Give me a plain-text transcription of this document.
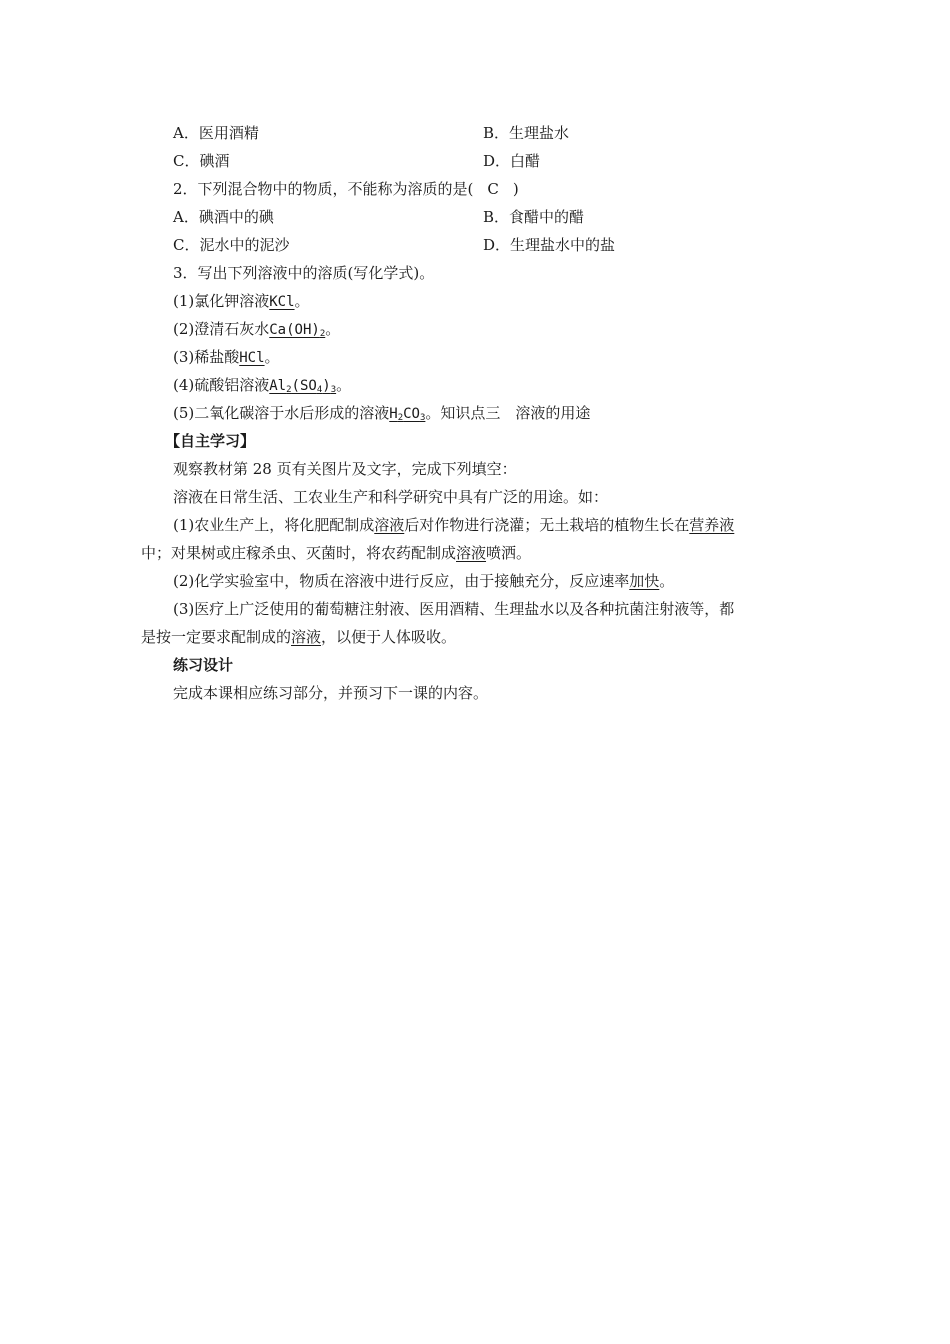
A．医用酒精	B．生理盐水
C．碘酒	D．白醋
2．下列混合物中的物质，不能称为溶质的是( C )
A．碘酒中的碘	B．食醋中的醋
C．泥水中的泥沙	D．生理盐水中的盐
3．写出下列溶液中的溶质(写化学式)。
(1)氯化钾溶液KCl。
(2)澄清石灰水$Ca(OH)_2$。
(3)稀盐酸HCl。
(4)硫酸铝溶液$Al_2(SO_4)_3$。
(5)二氧化碳溶于水后形成的溶液$H_2CO_3$。知识点三　溶液的用途
【自主学习】
观察教材第 28 页有关图片及文字，完成下列填空：
溶液在日常生活、工农业生产和科学研究中具有广泛的用途。如：
(1)农业生产上，将化肥配制成溶液后对作物进行浇灌；无土栽培的植物生长在营养液
中；对果树或庄稼杀虫、灭菌时，将农药配制成溶液喷洒。
(2)化学实验室中，物质在溶液中进行反应，由于接触充分，反应速率加快。
(3)医疗上广泛使用的葡萄糖注射液、医用酒精、生理盐水以及各种抗菌注射液等，都
是按一定要求配制成的溶液，以便于人体吸收。
练习设计
完成本课相应练习部分，并预习下一课的内容。
